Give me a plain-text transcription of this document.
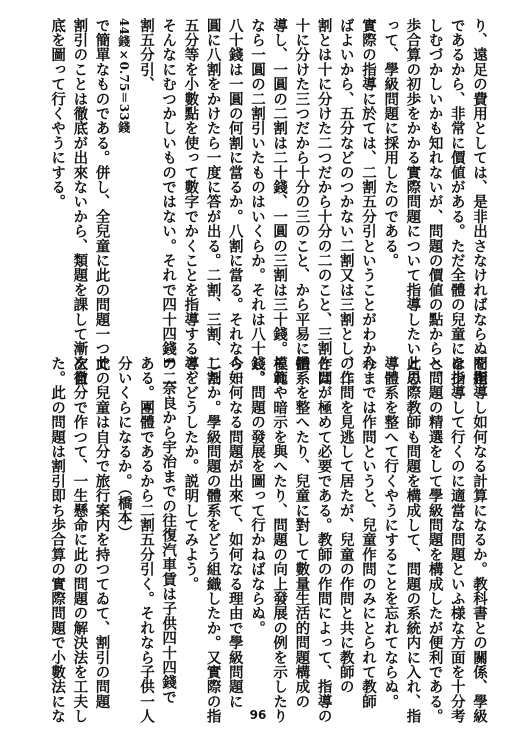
り、遠足の費用としては、是非出さなければならぬ問題
であるから、非常に價値がある。ただ全體の兒童には少
しむづかしいかも知れないが、問題の價値の點からと、
歩合算の初歩をかかる實際問題について指導したいと思
って、學級問題に採用したのである。
實際の指導に於ては、二割五分引ということがわかれ
ばよいから、五分などのつかない二割又は三割とし、二
割とは十に分けた二つだから十分の二のこと、三割とは
十に分けた三つだから十分の三のこと、から平易に指
導し、一圓の二割は二十錢、一圓の三割は三十錢。それ
なら一圓の二割引いたものはいくらか。それは八十錢。
八十錢は一圓の何割に當るか。八割に當る。それなら一
圓に八割をかけたら一度に答が出る。二割、三割、二割
五分等を小數點を使って數字でかくことを指導すると、
そんなにむつかしいものではない。それで四十四錢の二
割五分引、
44錢×0.75＝33錢
で簡單なものである。併し、全兒童に此の問題一つで
割引のことは徹底が出來ないから、類題を課して漸次徹
底を圖って行くやうにする。
を指導し如何なる計算になるか。教科書との關係、學級
を指導して行くのに適當な問題といふ様な方面を十分考
へ問題の精選をして學級問題を構成したが便利である。
此の際教師も問題を構成して、問題の系統内に入れ、指
導體系を整へて行くやうにすることを忘れてならぬ。
今までは作問というと、兒童作問のみにとられて教師
の作問を見逃して居たが、兒童の作問と共に教師の
作問が極めて必要である。教師の作問によって、指導の
體系を整へたり、兒童に對して數量生活的問題構成の
模範や暗示を與へたり、問題の向上發展の例を示したり
し、問題の發展を圖って行かねばならぬ。
今如何なる問題が出來て、如何なる理由で學級問題に
したか。學級問題の體系をどう組織したか。又實際の指
導をどうしたか。説明してみよう。
1　奈良から宇治までの往復汽車賃は子供四十四錢で
ある。團體であるから二割五分引く。それなら子供一人
分いくらになるか。（橋本）
此の兒童は自分で旅行案内を持つてゐて、割引の問題
を自分で作つて、一生懸命に此の問題の解決法を工夫し
た。此の問題は割引即ち歩合算の實際問題で小數法にな	96
